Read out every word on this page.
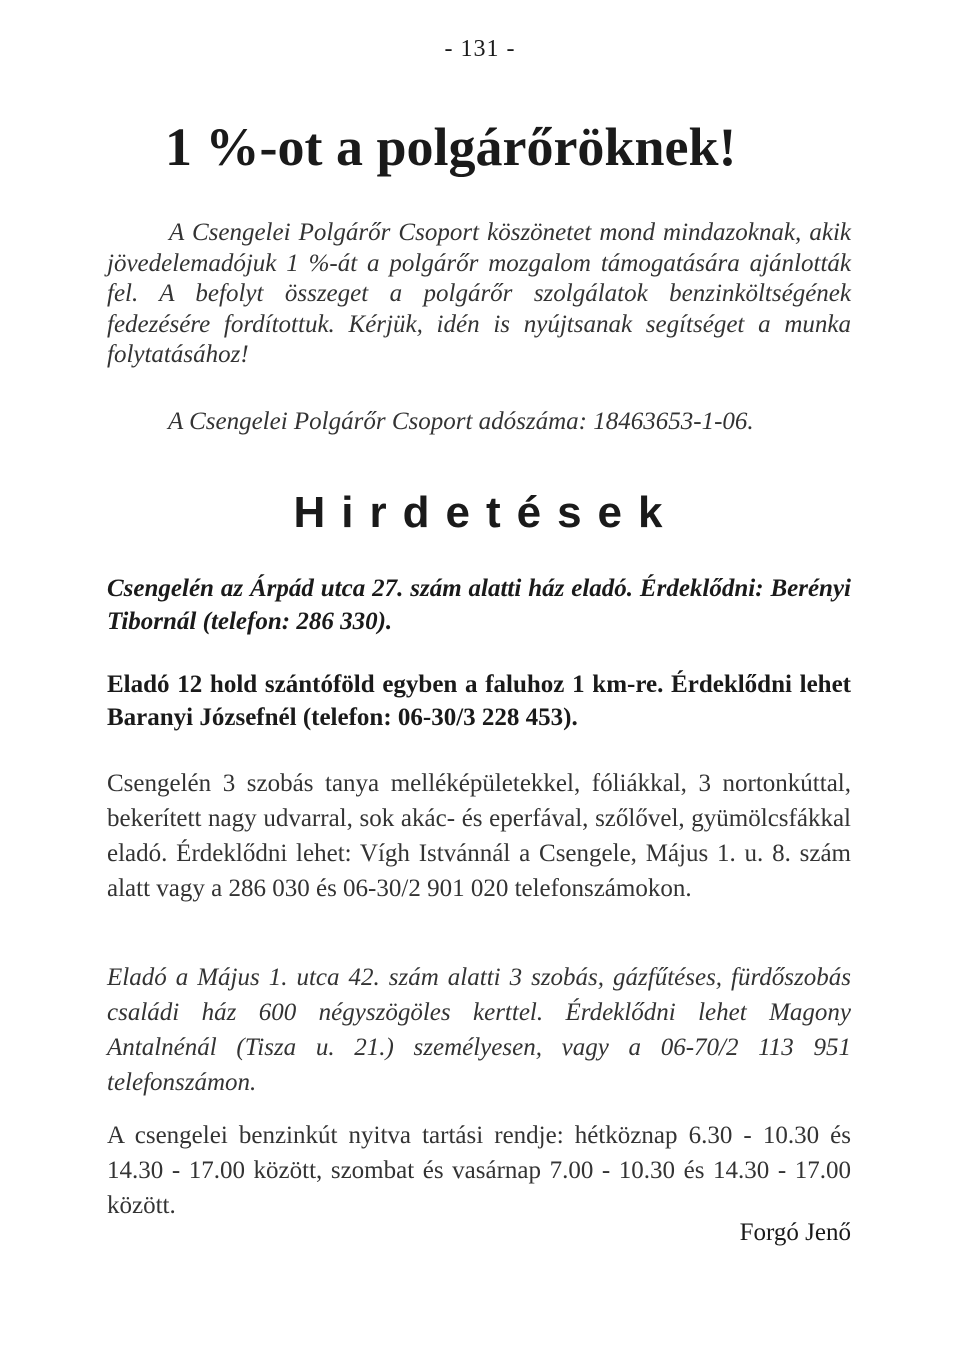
- 131 -
1 %-ot a polgárőröknek!

A Csengelei Polgárőr Csoport köszönetet mond mindazoknak, akik jövedelemadójuk 1 %-át a polgárőr mozgalom támogatására ajánlották fel. A befolyt összeget a polgárőr szolgálatok benzinköltségének fedezésére fordítottuk. Kérjük, idén is nyújtsanak segítséget a munka folytatásához!

A Csengelei Polgárőr Csoport adószáma: 18463653-1-06.
Hirdetések

Csengelén az Árpád utca 27. szám alatti ház eladó. Érdeklődni: Berényi Tibornál (telefon: 286 330).

Eladó 12 hold szántóföld egyben a faluhoz 1 km-re. Érdeklődni lehet Baranyi Józsefnél (telefon: 06-30/3 228 453).

Csengelén 3 szobás tanya melléképületekkel, fóliákkal, 3 nortonkúttal, bekerített nagy udvarral, sok akác- és eperfával, szőlővel, gyümölcsfákkal eladó. Érdeklődni lehet: Vígh Istvánnál a Csengele, Május 1. u. 8. szám alatt vagy a 286 030 és 06-30/2 901 020 telefonszámokon.

Eladó a Május 1. utca 42. szám alatti 3 szobás, gázfűtéses, fürdőszobás családi ház 600 négyszögöles kerttel. Érdeklődni lehet Magony Antalnénál (Tisza u. 21.) személyesen, vagy a 06-70/2 113 951 telefonszámon.

A csengelei benzinkút nyitva tartási rendje: hétköznap 6.30 - 10.30 és 14.30 - 17.00 között, szombat és vasárnap 7.00 - 10.30 és 14.30 - 17.00 között.

Forgó Jenő
